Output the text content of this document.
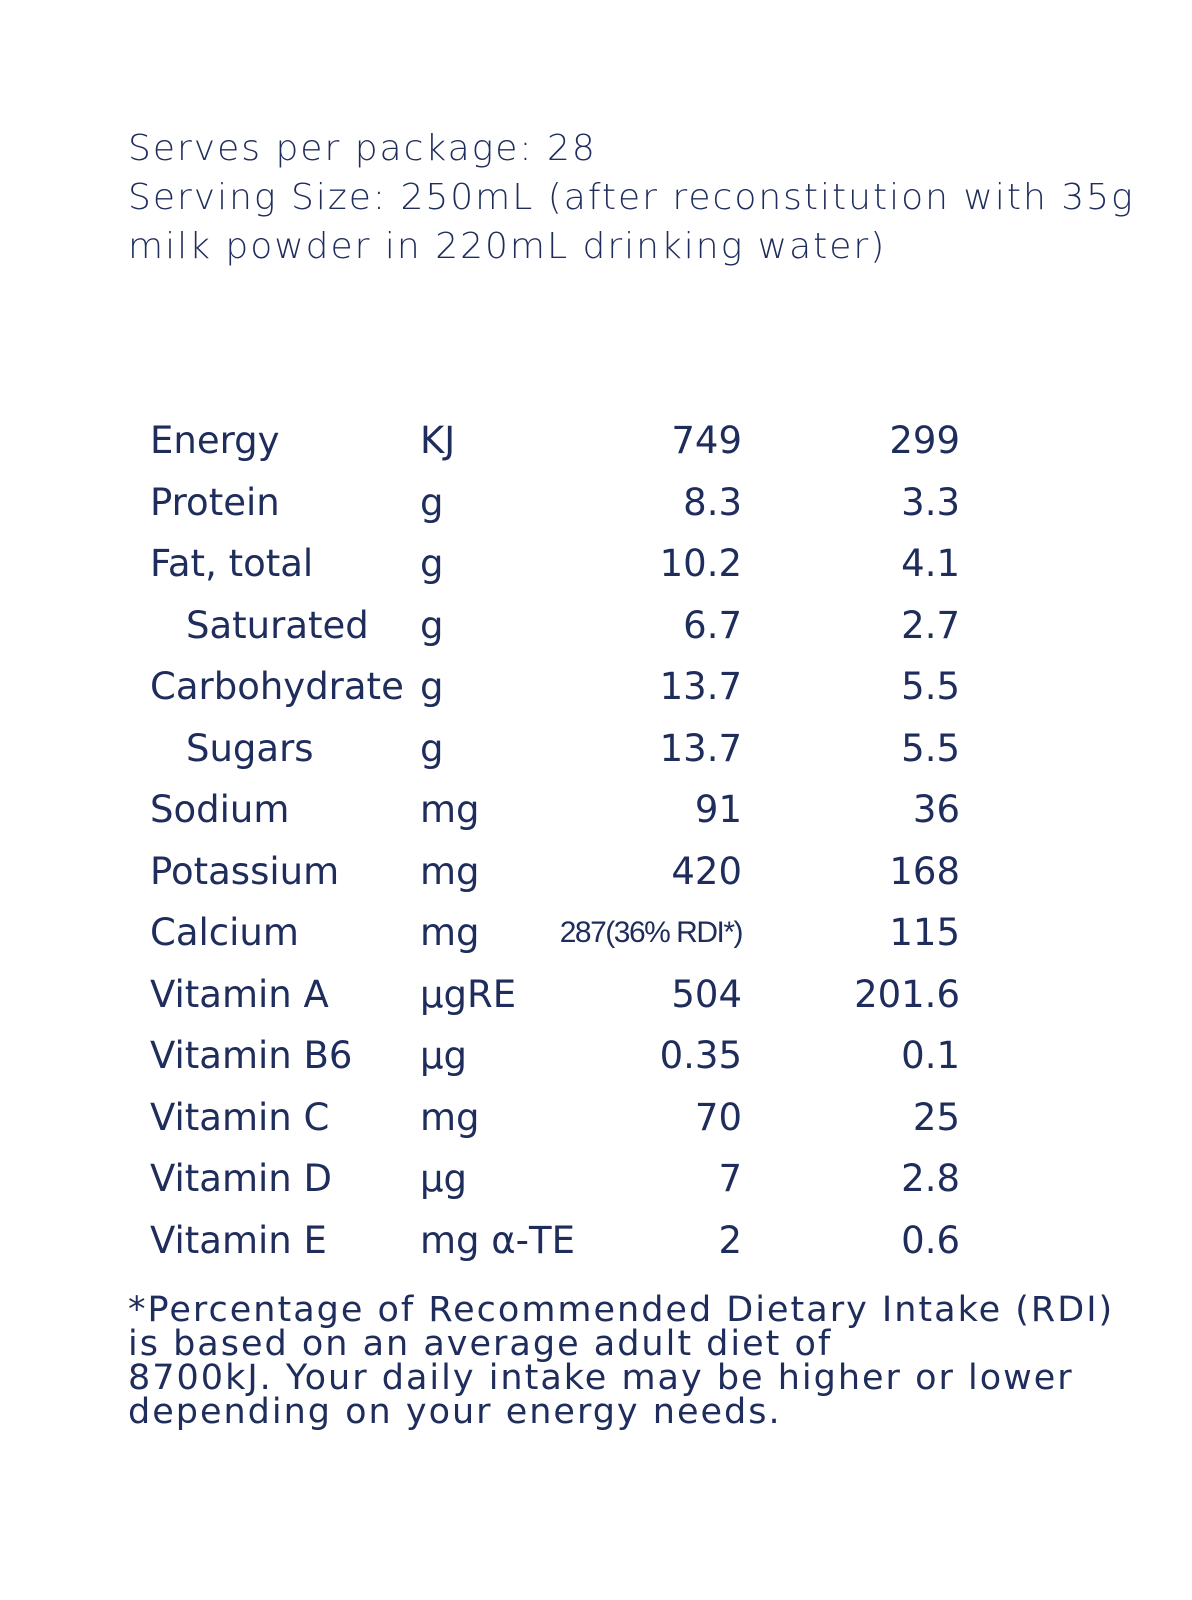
Serves per package: 28
Serving Size: 250mL (after reconstitution with 35g
milk powder in 220mL drinking water)
Energy	KJ	749	299
Protein	g	8.3	3.3
Fat, total	g	10.2	4.1
Saturated g	6.7	2.7
Carbohydrate g	13.7	5.5
Sugars	g	13.7	5.5
Sodium	mg	91	36
Potassium mg	420	168
Calcium	mg	287(36% RDI*)	115
Vitamin A µgRE	504	201.6
Vitamin B6 µg	0.35	0.1
Vitamin C mg	70	25
Vitamin D µg	7	2.8
Vitamin E	mg α-TE	2	0.6
*Percentage of Recommended Dietary Intake (RDI)
is based on an average adult diet of
8700kJ. Your daily intake may be higher or lower
depending on your energy needs.
